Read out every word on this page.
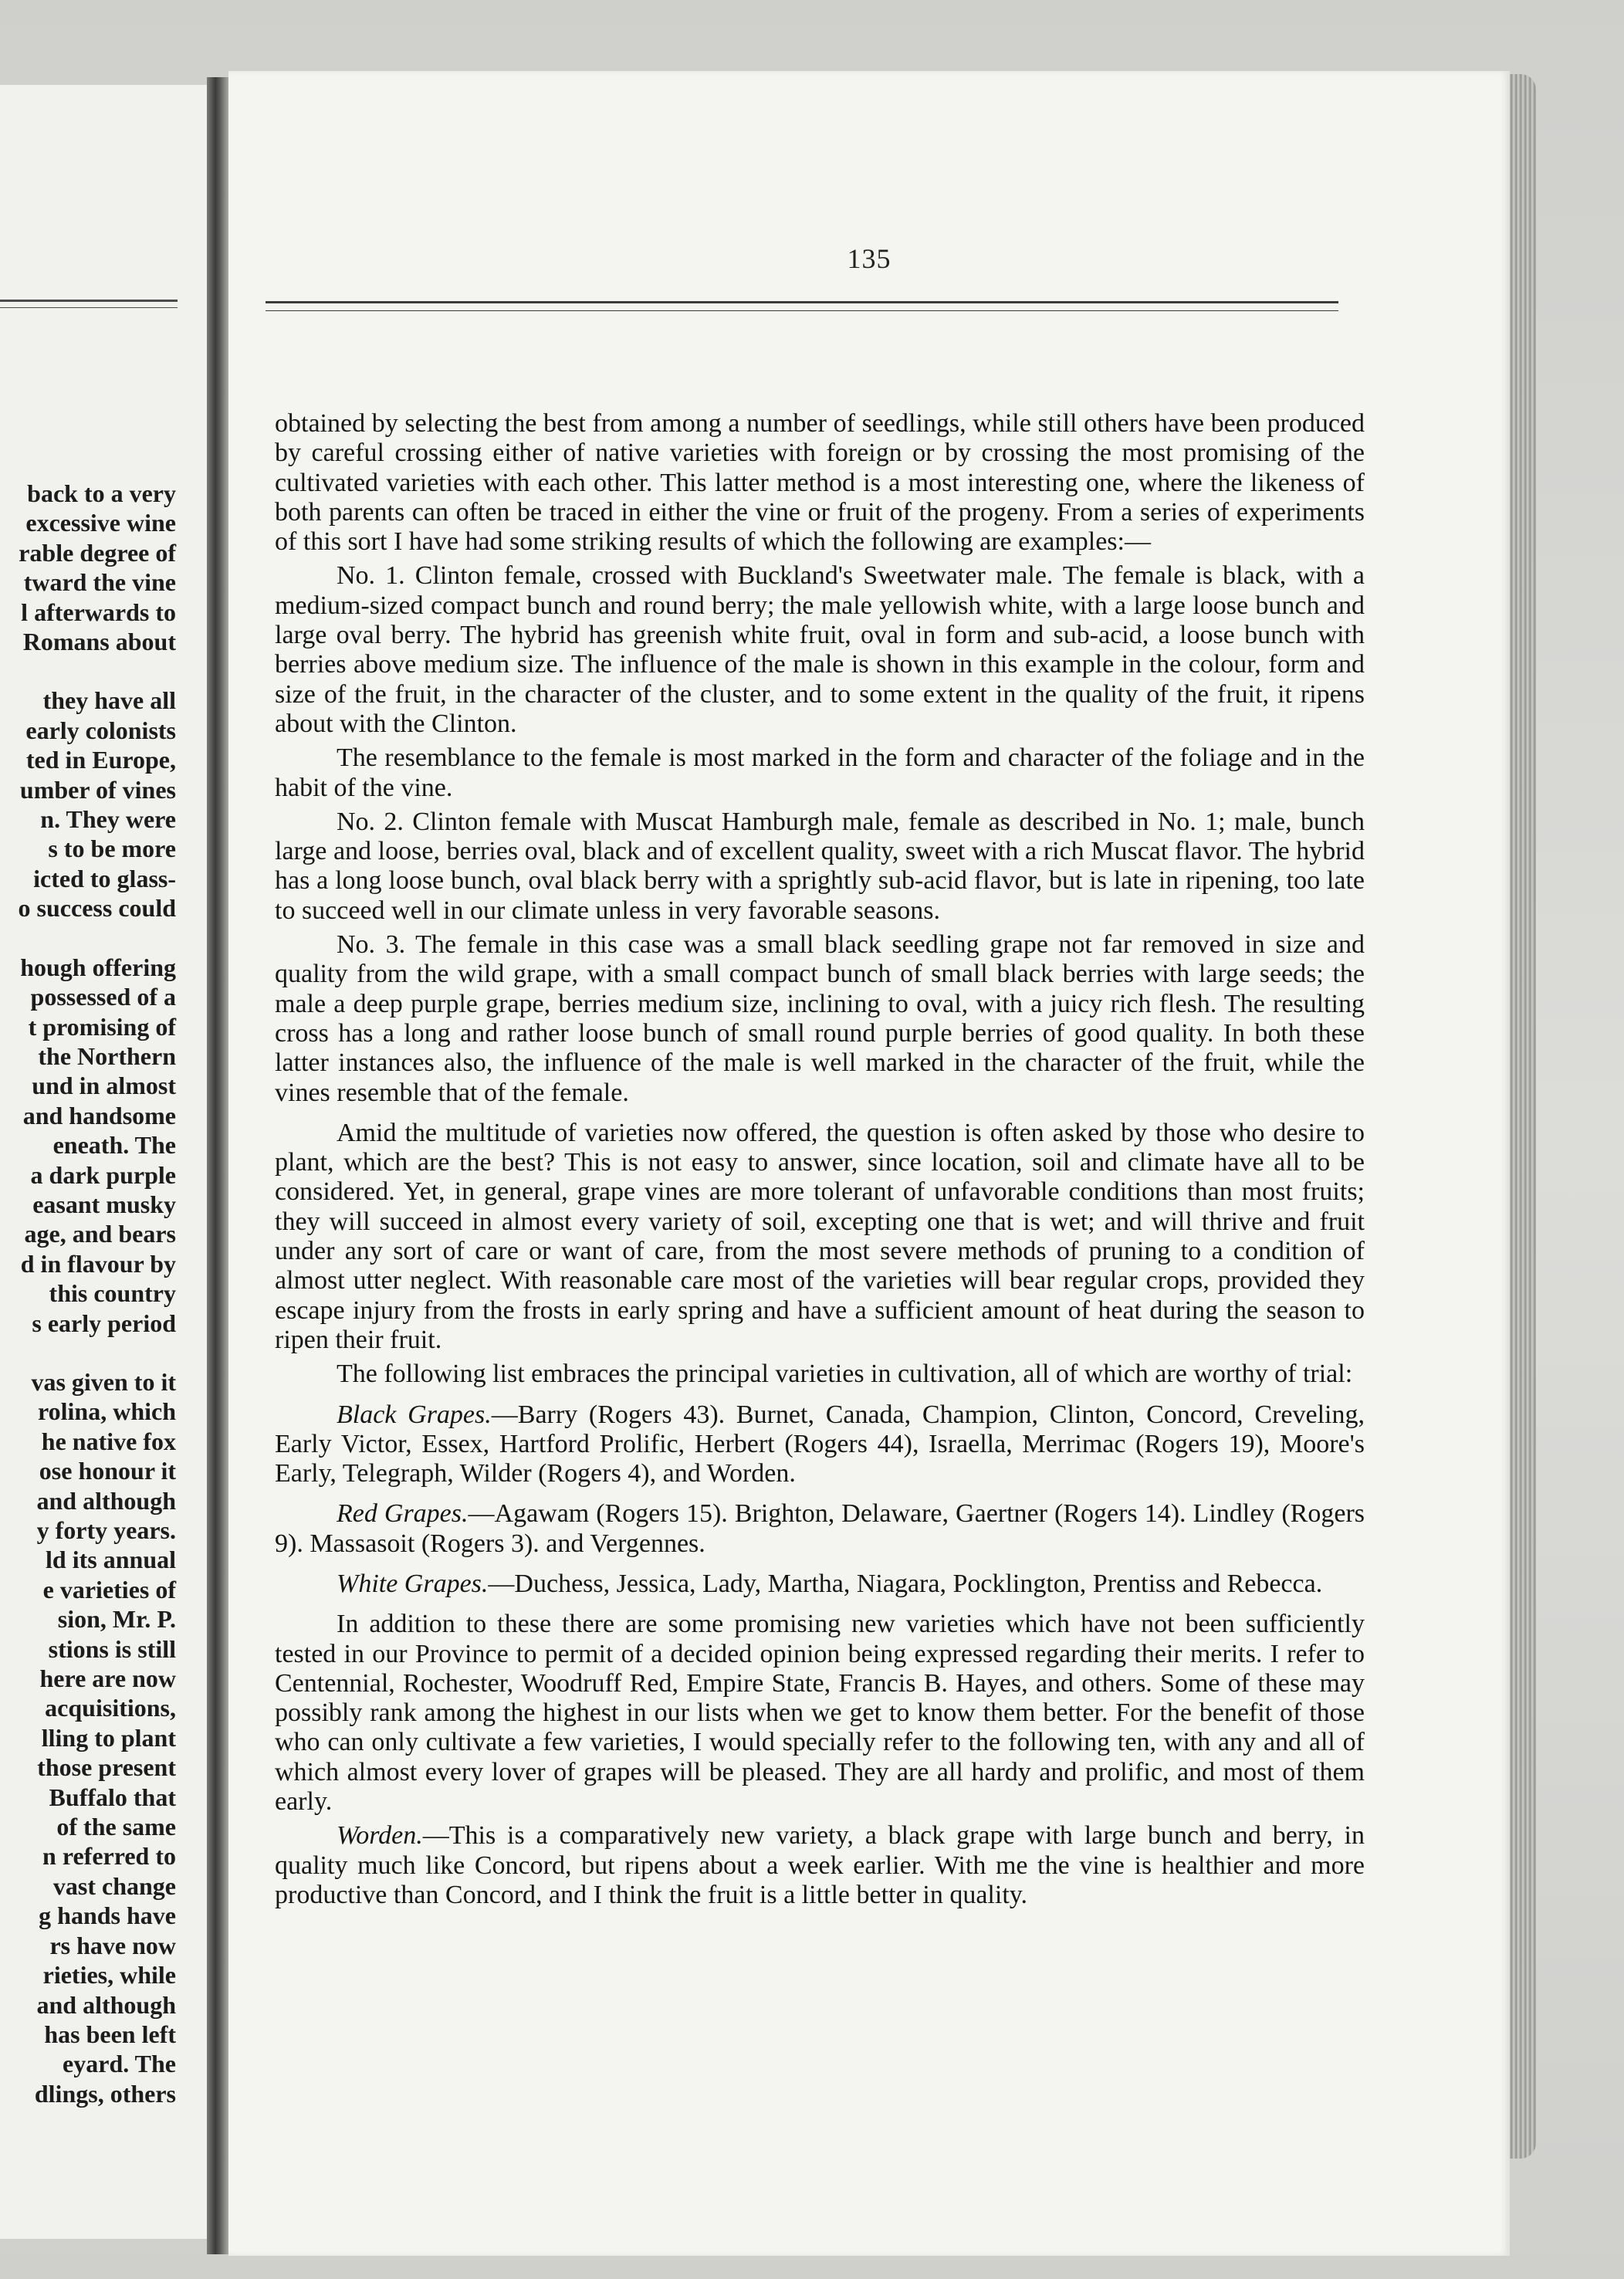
back to a very
excessive wine
rable degree of
tward the vine
l afterwards to
Romans about
they have all
early colonists
ted in Europe,
umber of vines
n. They were
s to be more
icted to glass-
o success could
hough offering
possessed of a
t promising of
the Northern
und in almost
and handsome
eneath. The
a dark purple
easant musky
age, and bears
d in flavour by
this country
s early period
vas given to it
rolina, which
he native fox
ose honour it
and although
y forty years.
ld its annual
e varieties of
sion, Mr. P.
stions is still
here are now
acquisitions,
lling to plant
those present
Buffalo that
of the same
n referred to
vast change
g hands have
rs have now
rieties, while
and although
has been left
eyard. The
dlings, others
135

obtained by selecting the best from among a number of seedlings, while still others have been produced by careful crossing either of native varieties with foreign or by crossing the most promising of the cultivated varieties with each other. This latter method is a most interesting one, where the likeness of both parents can often be traced in either the vine or fruit of the progeny. From a series of experiments of this sort I have had some striking results of which the following are examples:—

No. 1. Clinton female, crossed with Buckland's Sweetwater male. The female is black, with a medium-sized compact bunch and round berry; the male yellowish white, with a large loose bunch and large oval berry. The hybrid has greenish white fruit, oval in form and sub-acid, a loose bunch with berries above medium size. The influence of the male is shown in this example in the colour, form and size of the fruit, in the character of the cluster, and to some extent in the quality of the fruit, it ripens about with the Clinton.

The resemblance to the female is most marked in the form and character of the foliage and in the habit of the vine.

No. 2. Clinton female with Muscat Hamburgh male, female as described in No. 1; male, bunch large and loose, berries oval, black and of excellent quality, sweet with a rich Muscat flavor. The hybrid has a long loose bunch, oval black berry with a sprightly sub-acid flavor, but is late in ripening, too late to succeed well in our climate unless in very favorable seasons.

No. 3. The female in this case was a small black seedling grape not far removed in size and quality from the wild grape, with a small compact bunch of small black berries with large seeds; the male a deep purple grape, berries medium size, inclining to oval, with a juicy rich flesh. The resulting cross has a long and rather loose bunch of small round purple berries of good quality. In both these latter instances also, the influence of the male is well marked in the character of the fruit, while the vines resemble that of the female.

Amid the multitude of varieties now offered, the question is often asked by those who desire to plant, which are the best? This is not easy to answer, since location, soil and climate have all to be considered. Yet, in general, grape vines are more tolerant of unfavorable conditions than most fruits; they will succeed in almost every variety of soil, excepting one that is wet; and will thrive and fruit under any sort of care or want of care, from the most severe methods of pruning to a condition of almost utter neglect. With reasonable care most of the varieties will bear regular crops, provided they escape injury from the frosts in early spring and have a sufficient amount of heat during the season to ripen their fruit.

The following list embraces the principal varieties in cultivation, all of which are worthy of trial:

Black Grapes.—Barry (Rogers 43). Burnet, Canada, Champion, Clinton, Concord, Creveling, Early Victor, Essex, Hartford Prolific, Herbert (Rogers 44), Israella, Merrimac (Rogers 19), Moore's Early, Telegraph, Wilder (Rogers 4), and Worden.

Red Grapes.—Agawam (Rogers 15). Brighton, Delaware, Gaertner (Rogers 14). Lindley (Rogers 9). Massasoit (Rogers 3). and Vergennes.

White Grapes.—Duchess, Jessica, Lady, Martha, Niagara, Pocklington, Prentiss and Rebecca.

In addition to these there are some promising new varieties which have not been sufficiently tested in our Province to permit of a decided opinion being expressed regarding their merits. I refer to Centennial, Rochester, Woodruff Red, Empire State, Francis B. Hayes, and others. Some of these may possibly rank among the highest in our lists when we get to know them better. For the benefit of those who can only cultivate a few varieties, I would specially refer to the following ten, with any and all of which almost every lover of grapes will be pleased. They are all hardy and prolific, and most of them early.

Worden.—This is a comparatively new variety, a black grape with large bunch and berry, in quality much like Concord, but ripens about a week earlier. With me the vine is healthier and more productive than Concord, and I think the fruit is a little better in quality.
